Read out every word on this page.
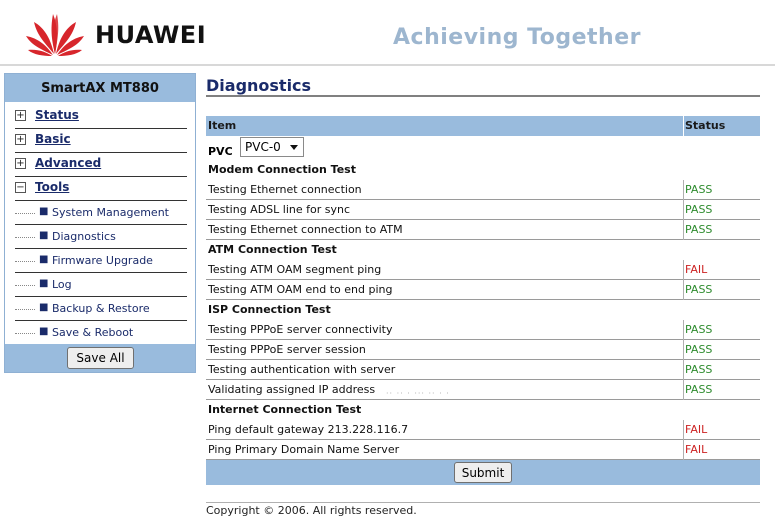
HUAWEI	Achieving Together
SmartAX MT880
+ Status
+ Basic
+ Advanced
− Tools
■ System Management
■ Diagnostics
■ Firmware Upgrade
■ Log
■ Backup & Restore
■ Save & Reboot
Save All
Diagnostics
Item	Status
PVC PVC-0
Modem Connection Test
Testing Ethernet connection	PASS
Testing ADSL line for sync	PASS
Testing Ethernet connection to ATM	PASS
ATM Connection Test
Testing ATM OAM segment ping	FAIL
Testing ATM OAM end to end ping	PASS
ISP Connection Test
Testing PPPoE server connectivity	PASS
Testing PPPoE server session	PASS
Testing authentication with server	PASS
Validating assigned IP address ·· ·· · ··· ·· · ·	PASS
Internet Connection Test
Ping default gateway 213.228.116.7	FAIL
Ping Primary Domain Name Server	FAIL
Submit
Copyright © 2006. All rights reserved.
